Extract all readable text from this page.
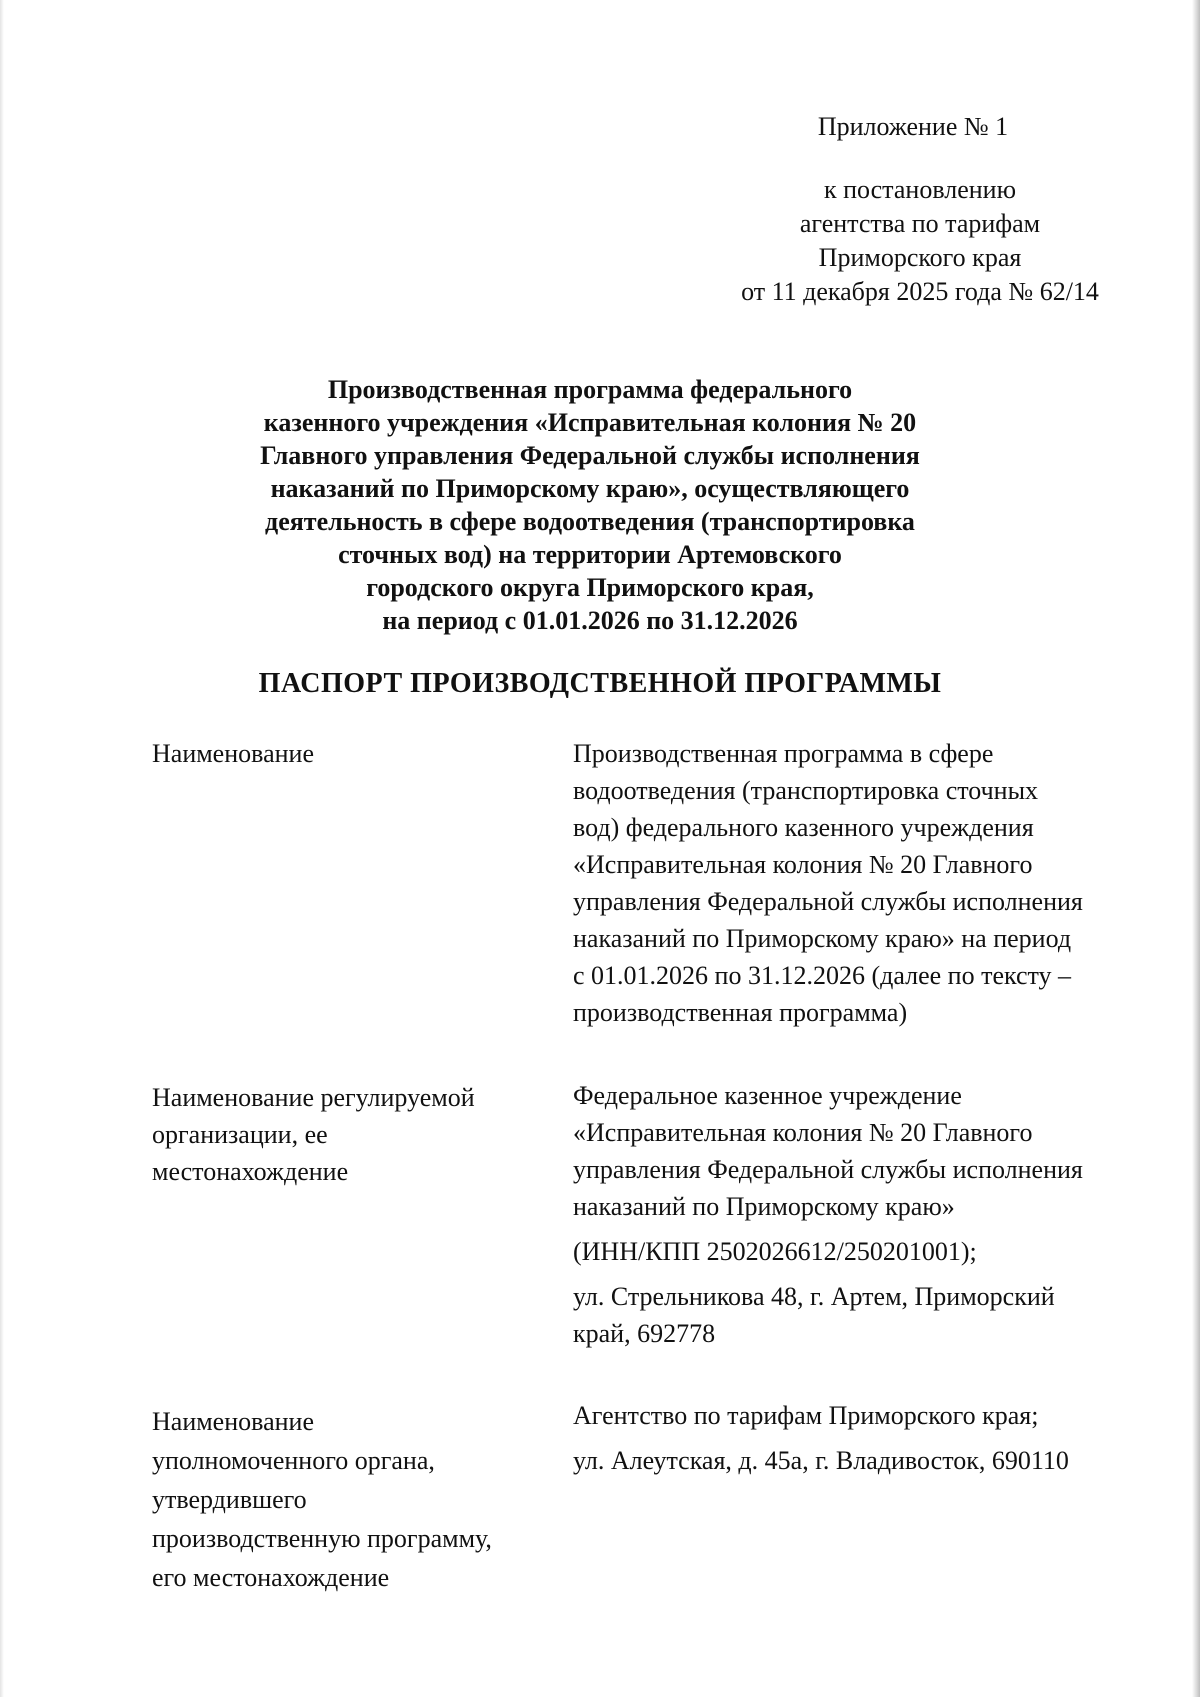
Приложение № 1
к постановлению
агентства по тарифам
Приморского края
от 11 декабря 2025 года № 62/14
Производственная программа федерального
казенного учреждения «Исправительная колония № 20
Главного управления Федеральной службы исполнения
наказаний по Приморскому краю», осуществляющего
деятельность в сфере водоотведения (транспортировка
сточных вод) на территории Артемовского
городского округа Приморского края,
на период с 01.01.2026 по 31.12.2026
ПАСПОРТ ПРОИЗВОДСТВЕННОЙ ПРОГРАММЫ
Наименование	Производственная программа в сфере
водоотведения (транспортировка сточных
вод) федерального казенного учреждения
«Исправительная колония № 20 Главного
управления Федеральной службы исполнения
наказаний по Приморскому краю» на период
с 01.01.2026 по 31.12.2026 (далее по тексту –
производственная программа)
Наименование регулируемой
организации, ее
местонахождение
Федеральное казенное учреждение
«Исправительная колония № 20 Главного
управления Федеральной службы исполнения
наказаний по Приморскому краю»
(ИНН/КПП 2502026612/250201001);
ул. Стрельникова 48, г. Артем, Приморский
край, 692778
Наименование
уполномоченного органа,
утвердившего
производственную программу,
его местонахождение
Агентство по тарифам Приморского края;
ул. Алеутская, д. 45а, г. Владивосток, 690110
